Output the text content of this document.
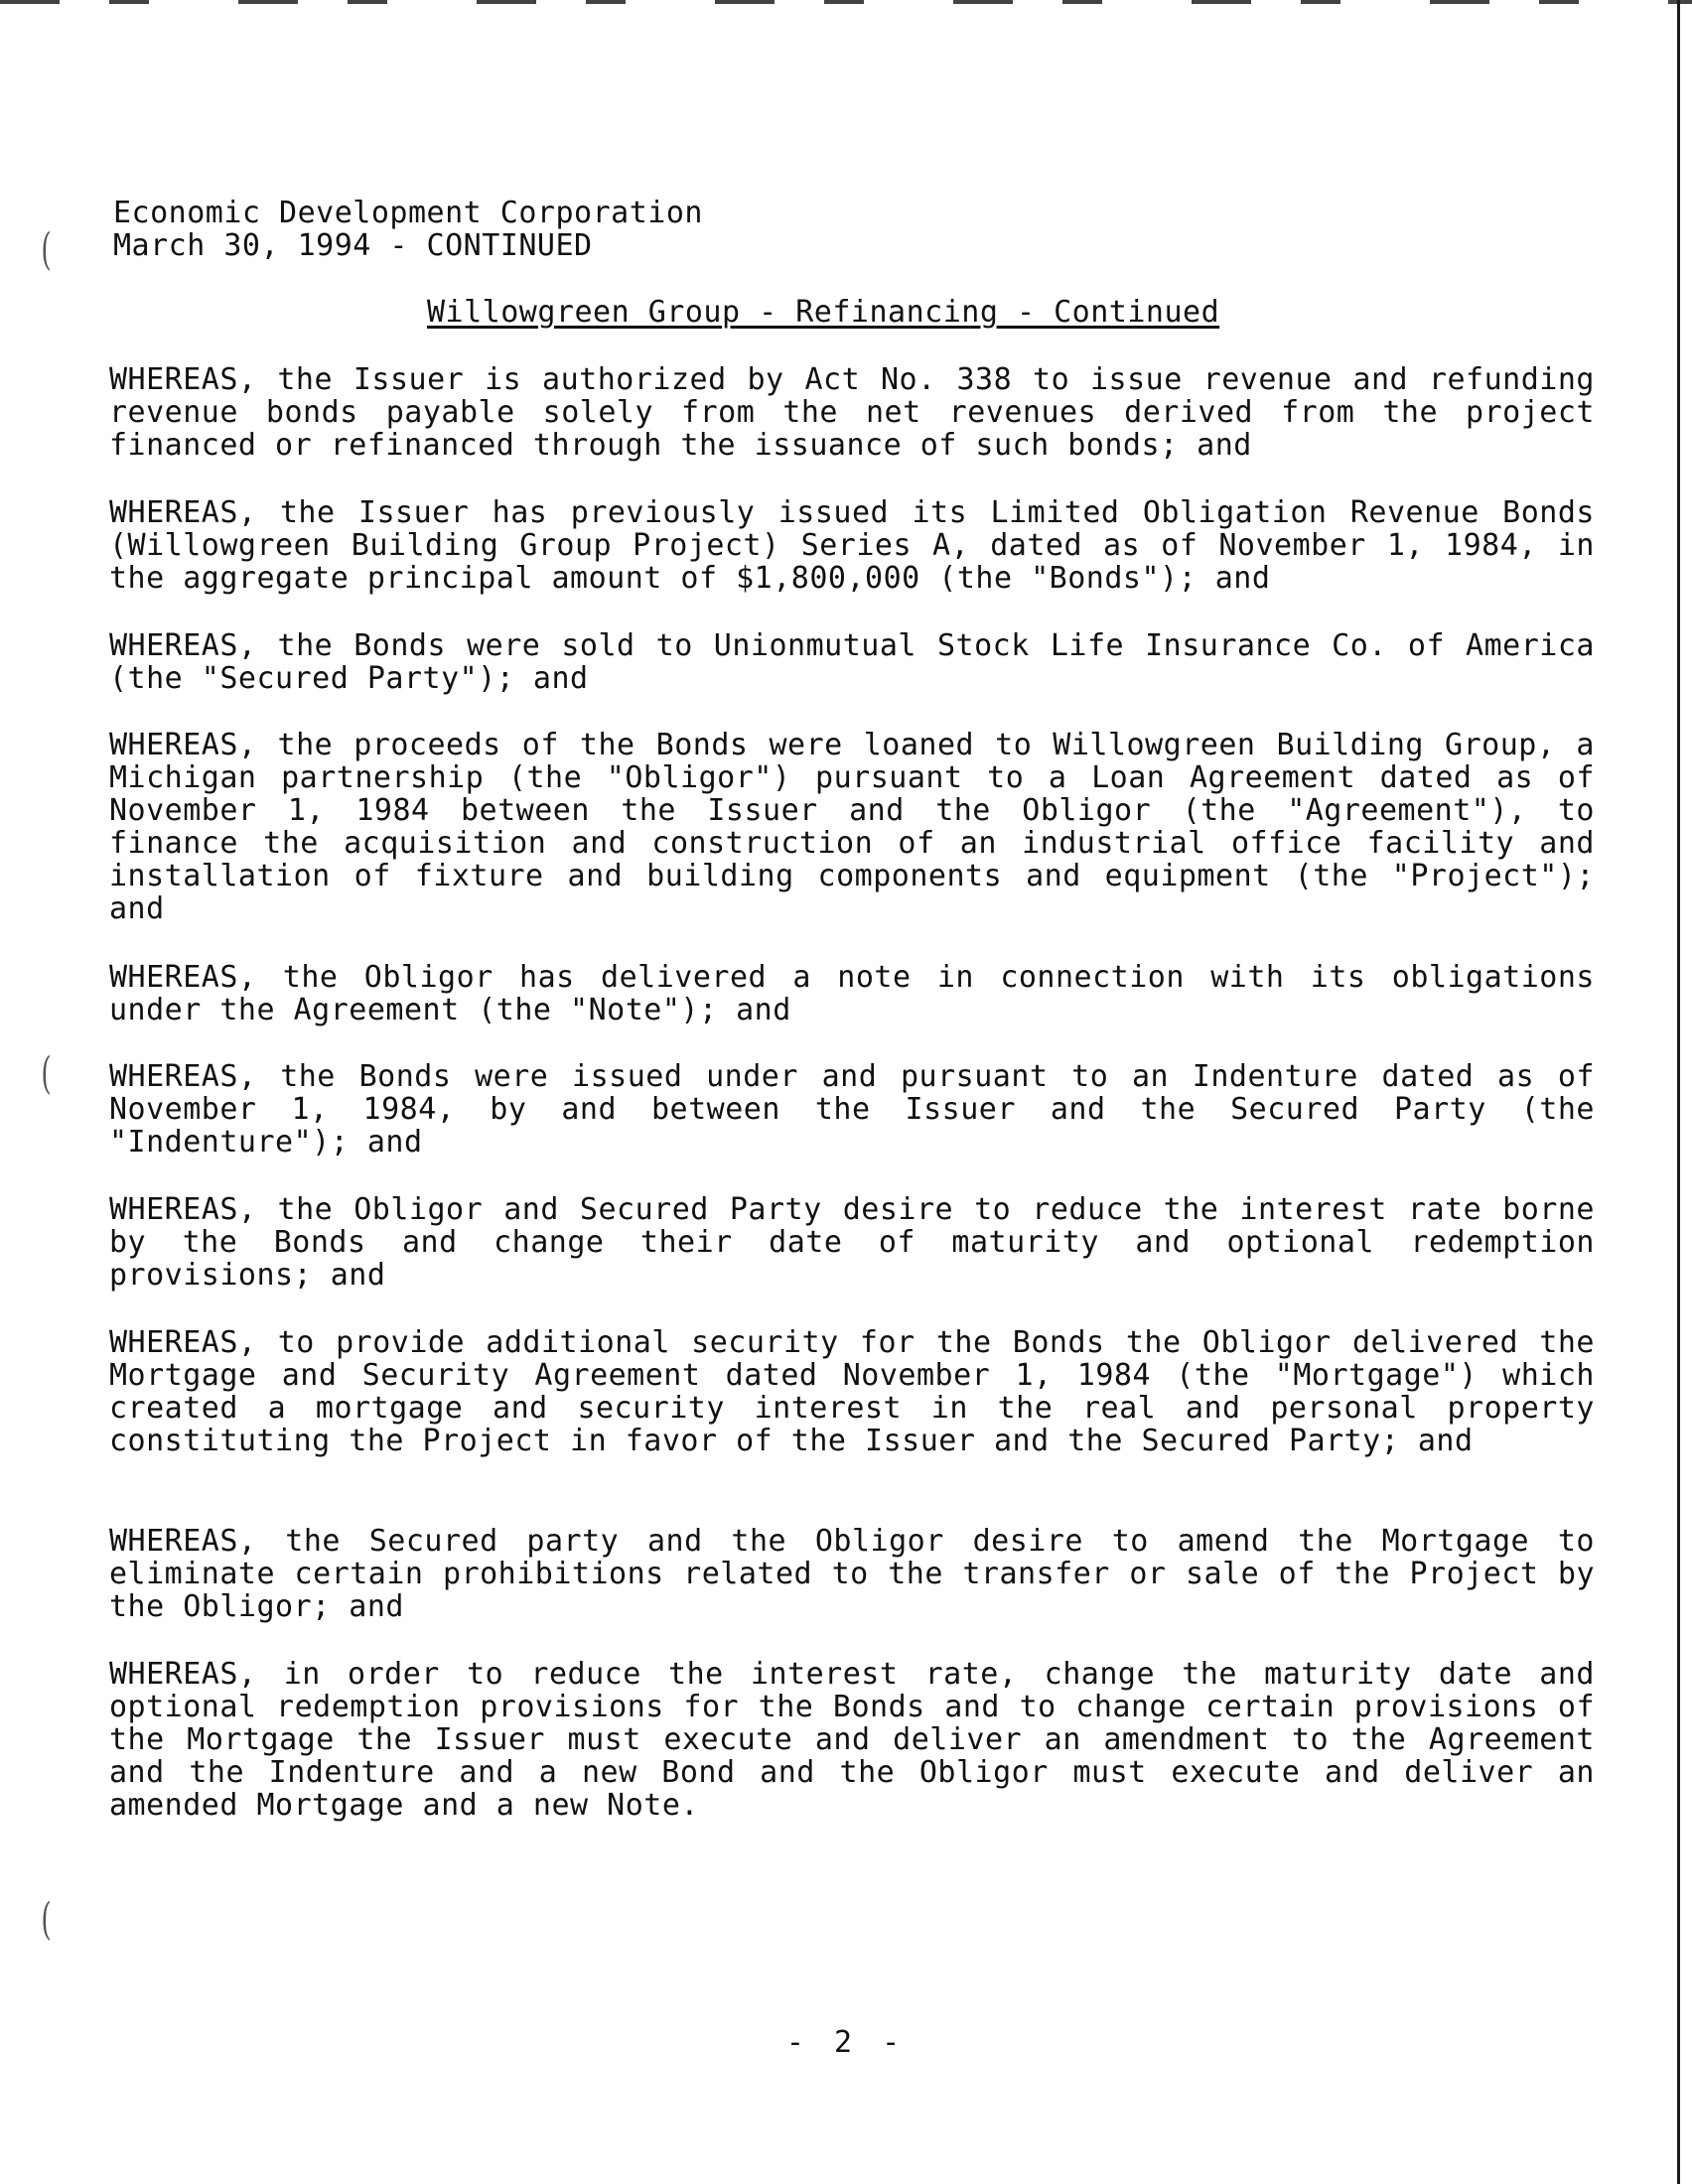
(
(
(
Economic Development Corporation
March 30, 1994 - CONTINUED
Willowgreen Group - Refinancing - Continued

WHEREAS, the Issuer is authorized by Act No. 338 to issue revenue and refunding revenue bonds payable solely from the net revenues derived from the project financed or refinanced through the issuance of such bonds; and

WHEREAS, the Issuer has previously issued its Limited Obligation Revenue Bonds (Willowgreen Building Group Project) Series A, dated as of November 1, 1984, in the aggregate principal amount of $1,800,000 (the "Bonds"); and

WHEREAS, the Bonds were sold to Unionmutual Stock Life Insurance Co. of America (the "Secured Party"); and

WHEREAS, the proceeds of the Bonds were loaned to Willowgreen Building Group, a Michigan partnership (the "Obligor") pursuant to a Loan Agreement dated as of November 1, 1984 between the Issuer and the Obligor (the "Agreement"), to finance the acquisition and construction of an industrial office facility and installation of fixture and building components and equipment (the "Project"); and

WHEREAS, the Obligor has delivered a note in connection with its obligations under the Agreement (the "Note"); and

WHEREAS, the Bonds were issued under and pursuant to an Indenture dated as of November 1, 1984, by and between the Issuer and the Secured Party (the "Indenture"); and

WHEREAS, the Obligor and Secured Party desire to reduce the interest rate borne by the Bonds and change their date of maturity and optional redemption provisions; and

WHEREAS, to provide additional security for the Bonds the Obligor delivered the Mortgage and Security Agreement dated November 1, 1984 (the "Mortgage") which created a mortgage and security interest in the real and personal property constituting the Project in favor of the Issuer and the Secured Party; and

WHEREAS, the Secured party and the Obligor desire to amend the Mortgage to eliminate certain prohibitions related to the transfer or sale of the Project by the Obligor; and

WHEREAS, in order to reduce the interest rate, change the maturity date and optional redemption provisions for the Bonds and to change certain provisions of the Mortgage the Issuer must execute and deliver an amendment to the Agreement and the Indenture and a new Bond and the Obligor must execute and deliver an amended Mortgage and a new Note.

- 2 -
